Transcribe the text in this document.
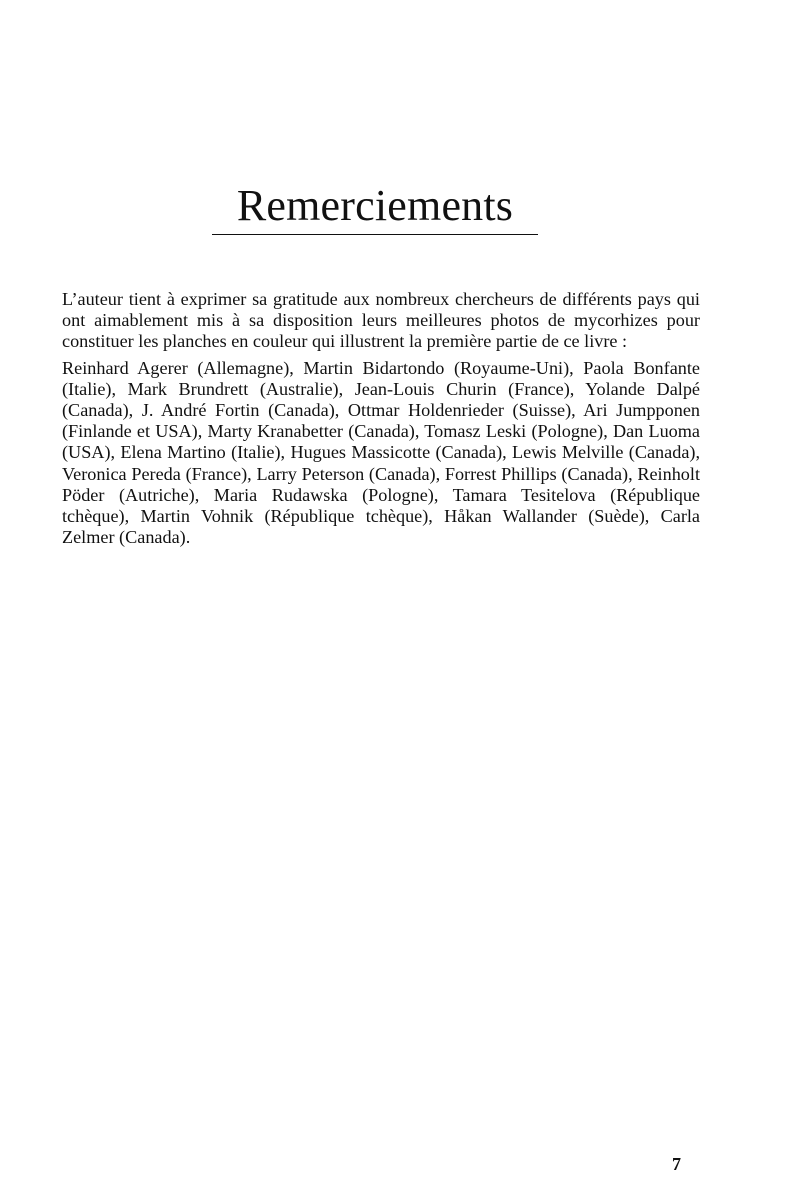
Remerciements

L’auteur tient à exprimer sa gratitude aux nombreux chercheurs de différents pays qui ont aimablement mis à sa disposition leurs meilleures photos de mycorhizes pour constituer les planches en couleur qui illustrent la première partie de ce livre :

Reinhard Agerer (Allemagne), Martin Bidartondo (Royaume-Uni), Paola Bonfante (Italie), Mark Brundrett (Australie), Jean-Louis Churin (France), Yolande Dalpé (Canada), J. André Fortin (Canada), Ottmar Holdenrieder (Suisse), Ari Jumpponen (Finlande et USA), Marty Kranabetter (Canada), Tomasz Leski (Pologne), Dan Luoma (USA), Elena Martino (Italie), Hugues Massicotte (Canada), Lewis Melville (Canada), Veronica Pereda (France), Larry Peterson (Canada), Forrest Phillips (Canada), Reinholt Pöder (Autriche), Maria Rudawska (Pologne), Tamara Tesitelova (République tchèque), Martin Vohnik (République tchèque), Håkan Wallander (Suède), Carla Zelmer (Canada).

7
